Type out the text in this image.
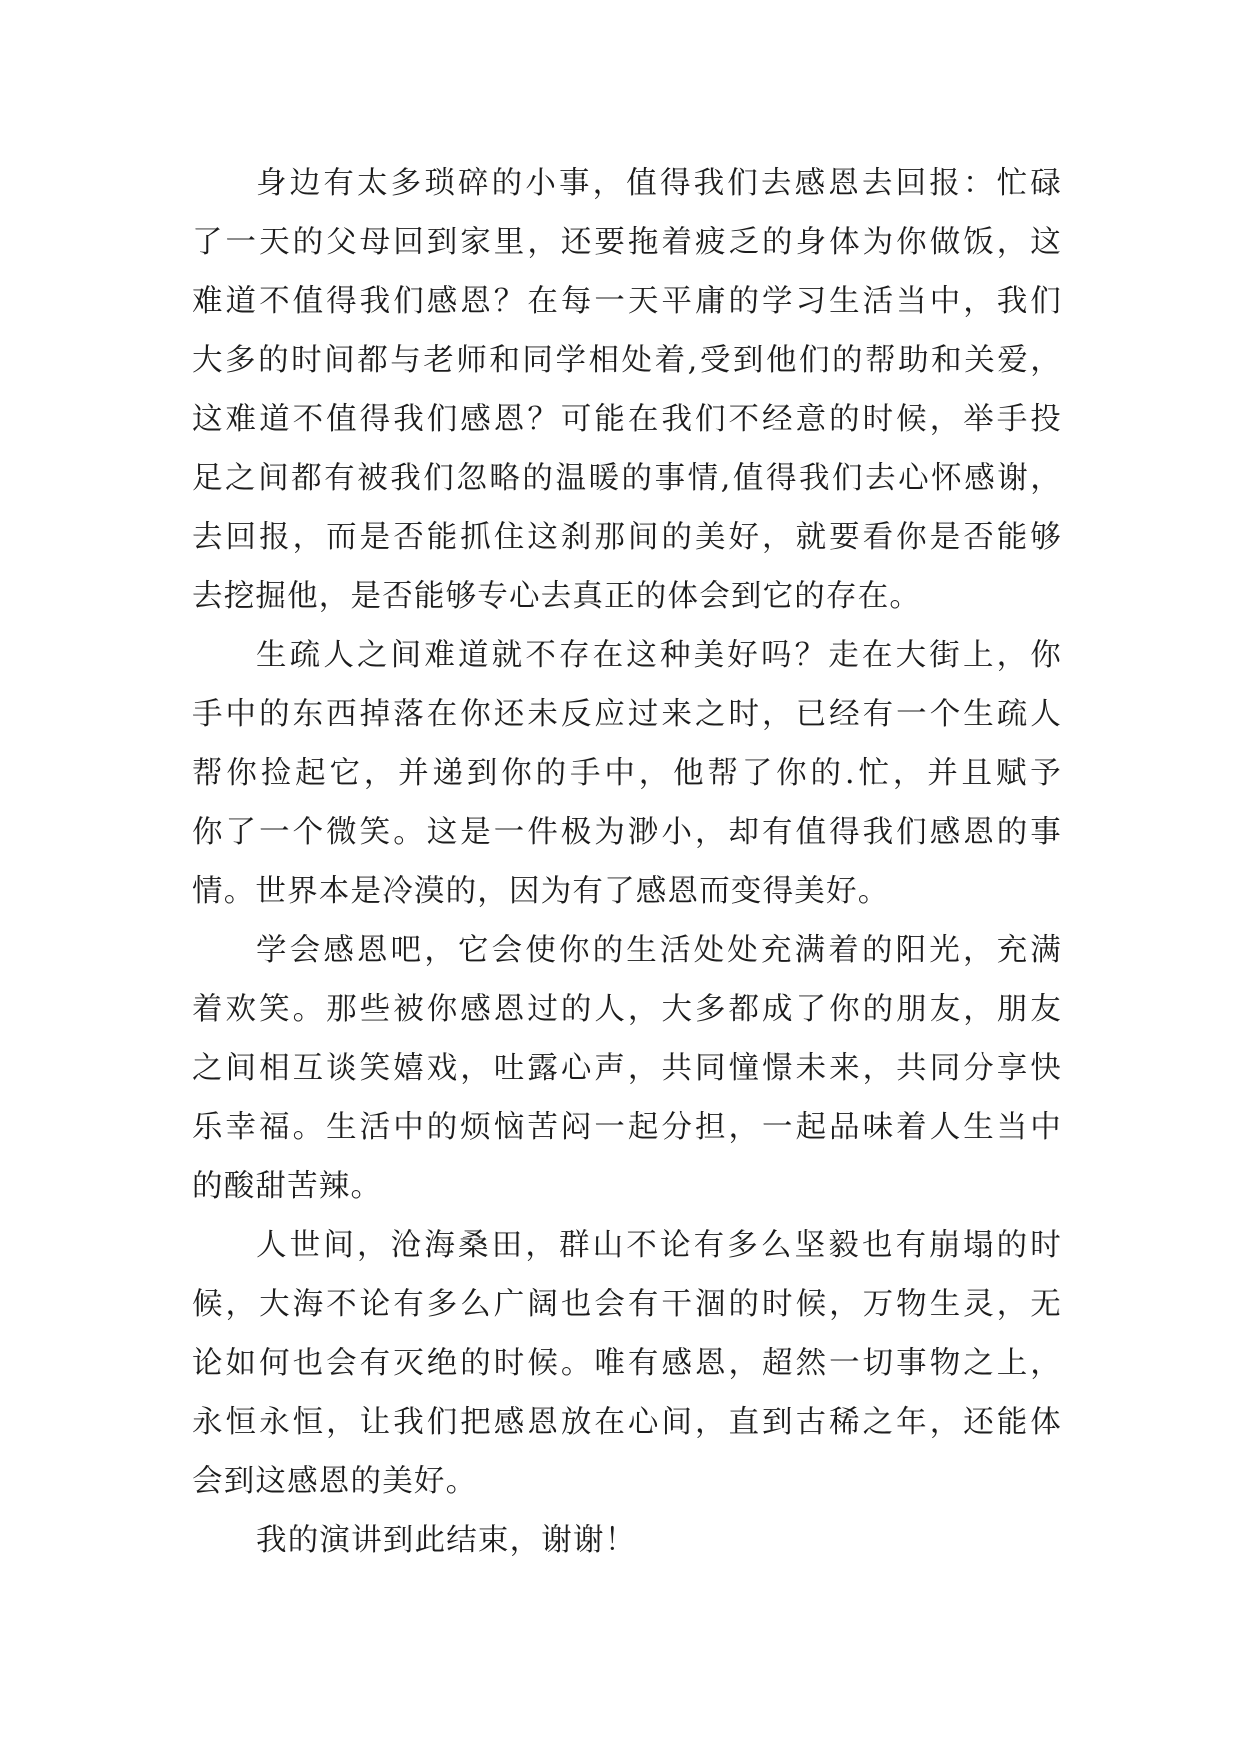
身边有太多琐碎的小事，值得我们去感恩去回报：忙碌
了一天的父母回到家里，还要拖着疲乏的身体为你做饭，这
难道不值得我们感恩？在每一天平庸的学习生活当中，我们
大多的时间都与老师和同学相处着,受到他们的帮助和关爱，
这难道不值得我们感恩？可能在我们不经意的时候，举手投
足之间都有被我们忽略的温暖的事情,值得我们去心怀感谢，
去回报，而是否能抓住这刹那间的美好，就要看你是否能够
去挖掘他，是否能够专心去真正的体会到它的存在。
生疏人之间难道就不存在这种美好吗？走在大街上，你
手中的东西掉落在你还未反应过来之时，已经有一个生疏人
帮你捡起它，并递到你的手中，他帮了你的.忙，并且赋予
你了一个微笑。这是一件极为渺小，却有值得我们感恩的事
情。世界本是冷漠的，因为有了感恩而变得美好。
学会感恩吧，它会使你的生活处处充满着的阳光，充满
着欢笑。那些被你感恩过的人，大多都成了你的朋友，朋友
之间相互谈笑嬉戏，吐露心声，共同憧憬未来，共同分享快
乐幸福。生活中的烦恼苦闷一起分担，一起品味着人生当中
的酸甜苦辣。
人世间，沧海桑田，群山不论有多么坚毅也有崩塌的时
候，大海不论有多么广阔也会有干涸的时候，万物生灵，无
论如何也会有灭绝的时候。唯有感恩，超然一切事物之上，
永恒永恒，让我们把感恩放在心间，直到古稀之年，还能体
会到这感恩的美好。
我的演讲到此结束，谢谢！
